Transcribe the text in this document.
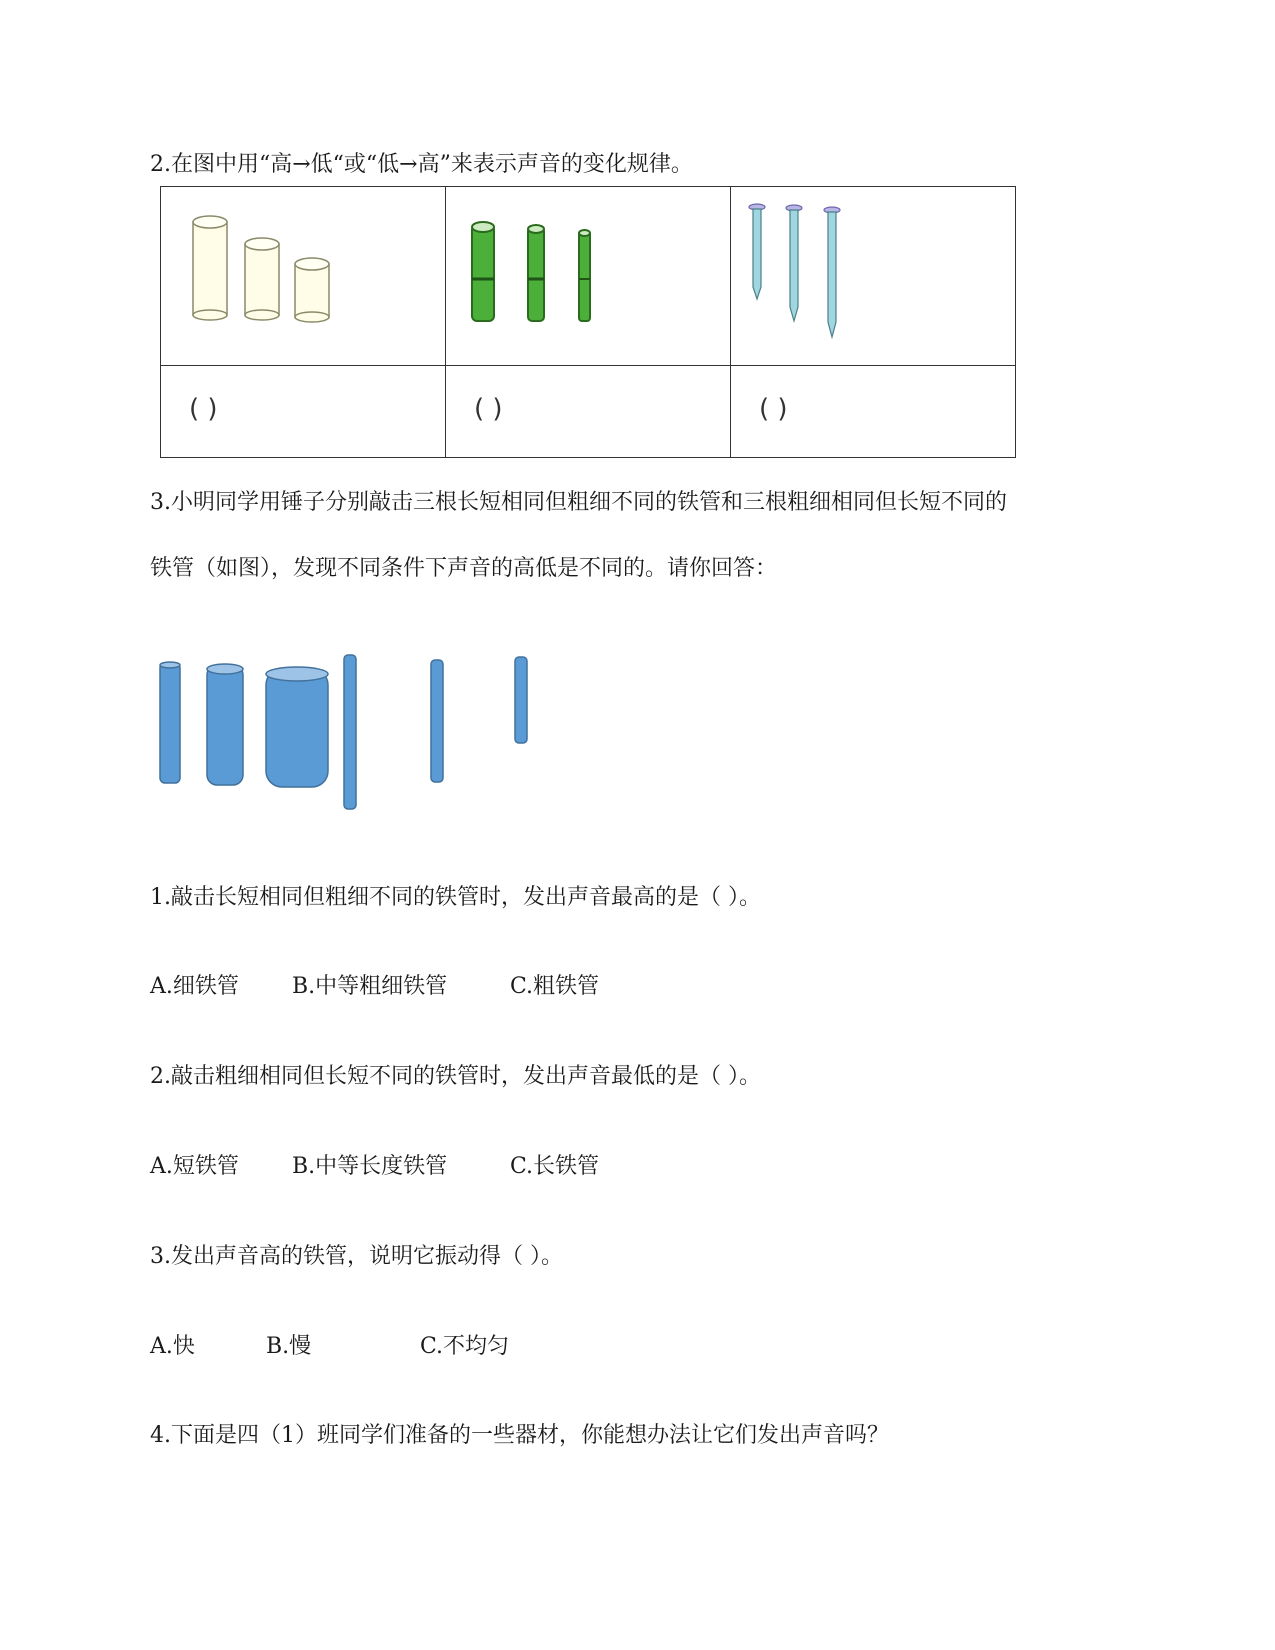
2.在图中用“高→低“或“低→高”来表示声音的变化规律。

( )	( )	( )
3.小明同学用锤子分别敲击三根长短相同但粗细不同的铁管和三根粗细相同但长短不同的
铁管（如图），发现不同条件下声音的高低是不同的。请你回答：
1.敲击长短相同但粗细不同的铁管时，发出声音最高的是（ ）。
A.细铁管 B.中等粗细铁管	C.粗铁管
2.敲击粗细相同但长短不同的铁管时，发出声音最低的是（ ）。
A.短铁管 B.中等长度铁管	C.长铁管
3.发出声音高的铁管，说明它振动得（ ）。
A.快	B.慢	C.不均匀
4.下面是四（1）班同学们准备的一些器材，你能想办法让它们发出声音吗？
